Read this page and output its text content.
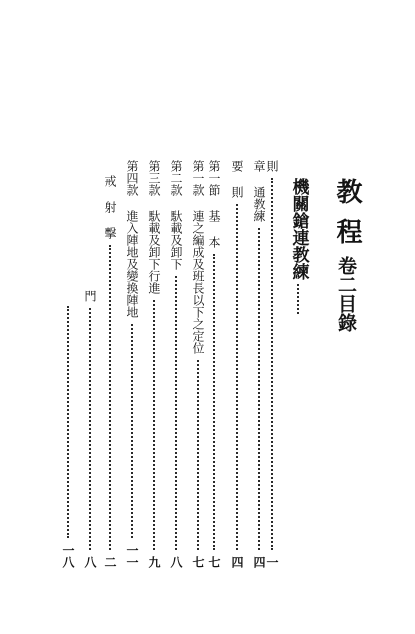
教程
卷二目錄
機關鎗連教練
則
一
章 通教練
四
要 則
四
第一節 基 本
七
第一款 連之編成及班長以下之定位
七
第二款 馱載及卸下
八
第三款 馱載及卸下行進
九
第四款 進入陣地及變換陣地
一一
戒 射 擊
二
門
八
一八
